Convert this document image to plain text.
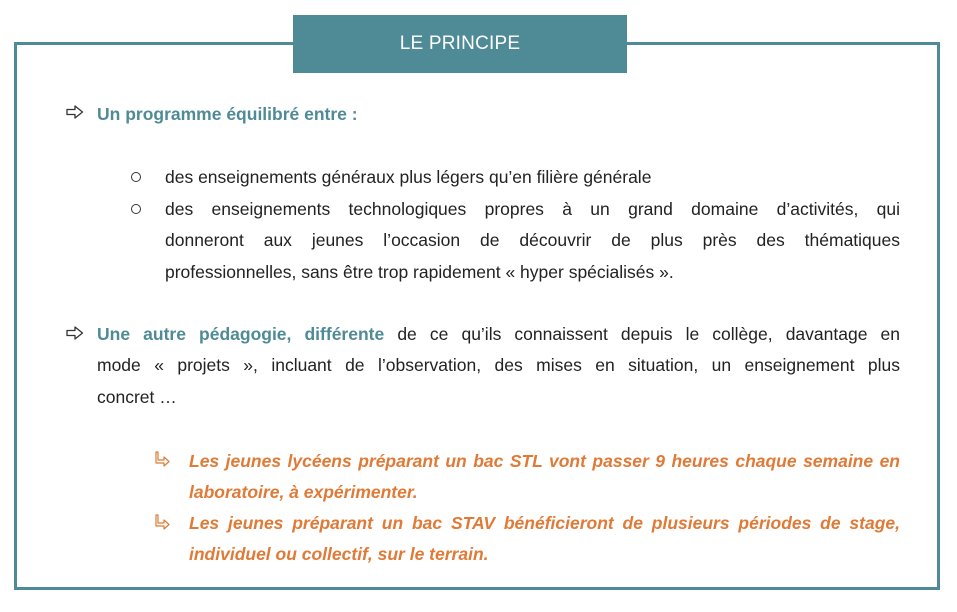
LE PRINCIPE
Un programme équilibré entre :
des enseignements généraux plus légers qu’en filière générale
des enseignements technologiques propres à un grand domaine d’activités, qui
donneront aux jeunes l’occasion de découvrir de plus près des thématiques
professionnelles, sans être trop rapidement « hyper spécialisés ».
Une autre pédagogie, différente de ce qu’ils connaissent depuis le collège, davantage en
mode « projets », incluant de l’observation, des mises en situation, un enseignement plus
concret …
Les jeunes lycéens préparant un bac STL vont passer 9 heures chaque semaine en
laboratoire, à expérimenter.
Les jeunes préparant un bac STAV bénéficieront de plusieurs périodes de stage,
individuel ou collectif, sur le terrain.
